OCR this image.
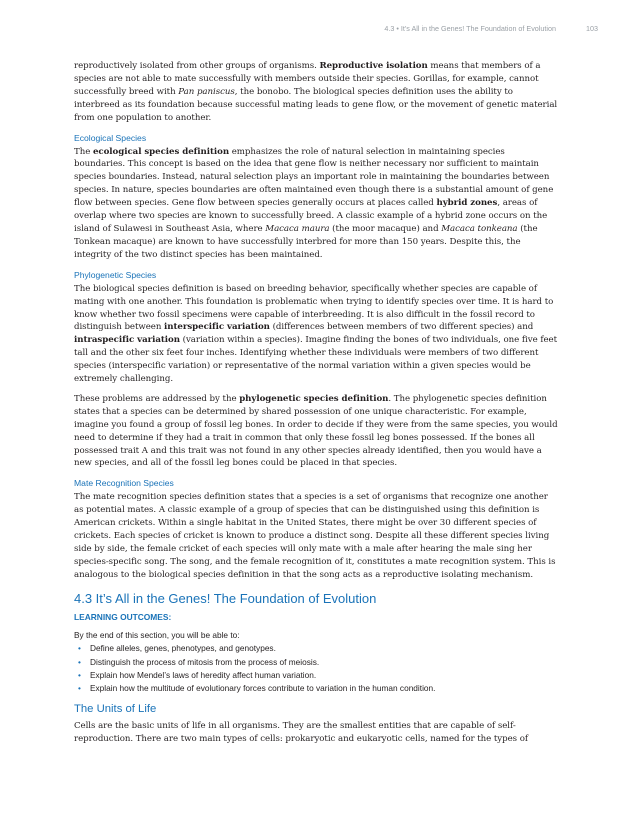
4.3 • It’s All in the Genes! The Foundation of Evolution	103

reproductively isolated from other groups of organisms. Reproductive isolation means that members of a species are not able to mate successfully with members outside their species. Gorillas, for example, cannot successfully breed with Pan paniscus, the bonobo. The biological species definition uses the ability to interbreed as its foundation because successful mating leads to gene flow, or the movement of genetic material from one population to another.

Ecological Species

The ecological species definition emphasizes the role of natural selection in maintaining species boundaries. This concept is based on the idea that gene flow is neither necessary nor sufficient to maintain species boundaries. Instead, natural selection plays an important role in maintaining the boundaries between species. In nature, species boundaries are often maintained even though there is a substantial amount of gene flow between species. Gene flow between species generally occurs at places called hybrid zones, areas of overlap where two species are known to successfully breed. A classic example of a hybrid zone occurs on the island of Sulawesi in Southeast Asia, where Macaca maura (the moor macaque) and Macaca tonkeana (the Tonkean macaque) are known to have successfully interbred for more than 150 years. Despite this, the integrity of the two distinct species has been maintained.

Phylogenetic Species

The biological species definition is based on breeding behavior, specifically whether species are capable of mating with one another. This foundation is problematic when trying to identify species over time. It is hard to know whether two fossil specimens were capable of interbreeding. It is also difficult in the fossil record to distinguish between interspecific variation (differences between members of two different species) and intraspecific variation (variation within a species). Imagine finding the bones of two individuals, one five feet tall and the other six feet four inches. Identifying whether these individuals were members of two different species (interspecific variation) or representative of the normal variation within a given species would be extremely challenging.

These problems are addressed by the phylogenetic species definition. The phylogenetic species definition states that a species can be determined by shared possession of one unique characteristic. For example, imagine you found a group of fossil leg bones. In order to decide if they were from the same species, you would need to determine if they had a trait in common that only these fossil leg bones possessed. If the bones all possessed trait A and this trait was not found in any other species already identified, then you would have a new species, and all of the fossil leg bones could be placed in that species.

Mate Recognition Species

The mate recognition species definition states that a species is a set of organisms that recognize one another as potential mates. A classic example of a group of species that can be distinguished using this definition is American crickets. Within a single habitat in the United States, there might be over 30 different species of crickets. Each species of cricket is known to produce a distinct song. Despite all these different species living side by side, the female cricket of each species will only mate with a male after hearing the male sing her species-specific song. The song, and the female recognition of it, constitutes a mate recognition system. This is analogous to the biological species definition in that the song acts as a reproductive isolating mechanism.

4.3 It’s All in the Genes! The Foundation of Evolution
LEARNING OUTCOMES:
By the end of this section, you will be able to:
• Define alleles, genes, phenotypes, and genotypes.
• Distinguish the process of mitosis from the process of meiosis.
• Explain how Mendel’s laws of heredity affect human variation.
• Explain how the multitude of evolutionary forces contribute to variation in the human condition.
The Units of Life

Cells are the basic units of life in all organisms. They are the smallest entities that are capable of self-reproduction. There are two main types of cells: prokaryotic and eukaryotic cells, named for the types of
